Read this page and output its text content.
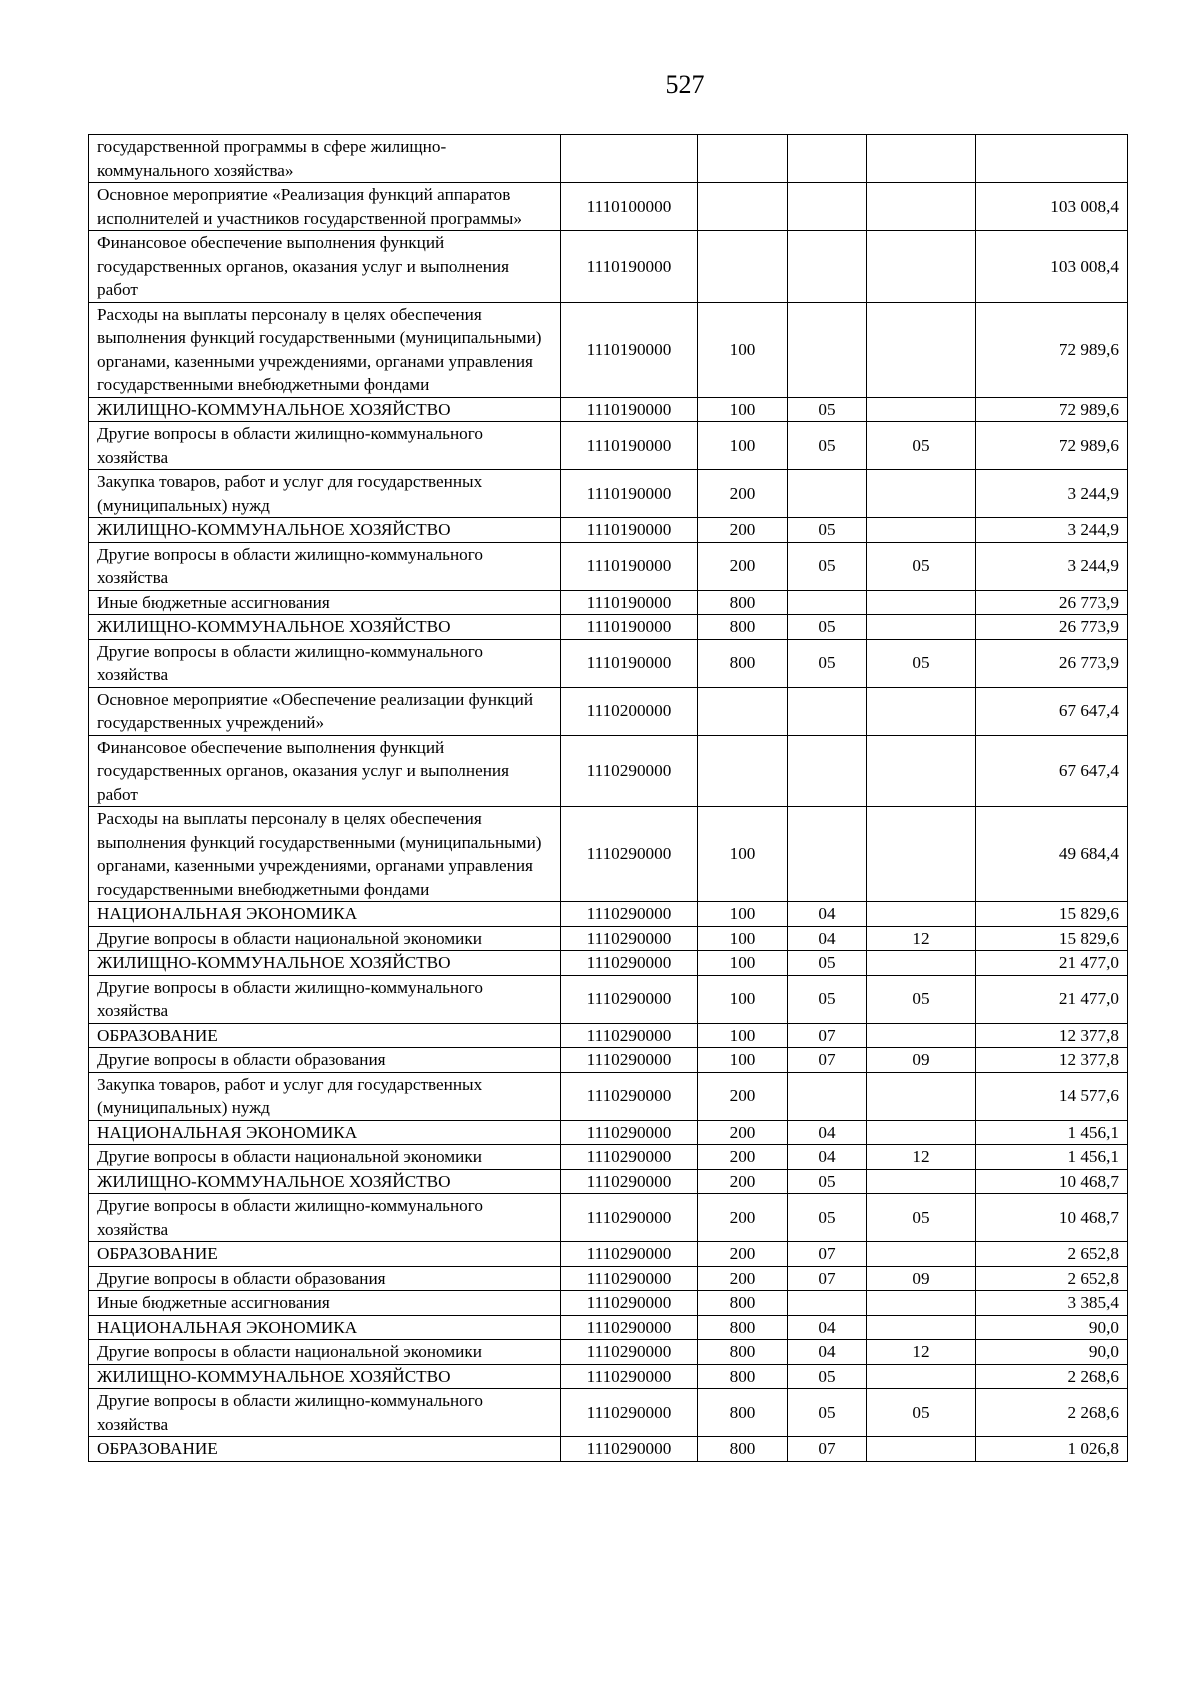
527
государственной программы в сфере жилищно-коммунального хозяйства»					
Основное мероприятие «Реализация функций аппаратов исполнителей и участников государственной программы»	1110100000				103 008,4
Финансовое обеспечение выполнения функций государственных органов, оказания услуг и выполнения работ	1110190000				103 008,4
Расходы на выплаты персоналу в целях обеспечения выполнения функций государственными (муниципальными) органами, казенными учреждениями, органами управления государственными внебюджетными фондами	1110190000	100			72 989,6
ЖИЛИЩНО-КОММУНАЛЬНОЕ ХОЗЯЙСТВО	1110190000	100	05		72 989,6
Другие вопросы в области жилищно-коммунального хозяйства	1110190000	100	05	05	72 989,6
Закупка товаров, работ и услуг для государственных (муниципальных) нужд	1110190000	200			3 244,9
ЖИЛИЩНО-КОММУНАЛЬНОЕ ХОЗЯЙСТВО	1110190000	200	05		3 244,9
Другие вопросы в области жилищно-коммунального хозяйства	1110190000	200	05	05	3 244,9
Иные бюджетные ассигнования	1110190000	800			26 773,9
ЖИЛИЩНО-КОММУНАЛЬНОЕ ХОЗЯЙСТВО	1110190000	800	05		26 773,9
Другие вопросы в области жилищно-коммунального хозяйства	1110190000	800	05	05	26 773,9
Основное мероприятие «Обеспечение реализации функций государственных учреждений»	1110200000				67 647,4
Финансовое обеспечение выполнения функций государственных органов, оказания услуг и выполнения работ	1110290000				67 647,4
Расходы на выплаты персоналу в целях обеспечения выполнения функций государственными (муниципальными) органами, казенными учреждениями, органами управления государственными внебюджетными фондами	1110290000	100			49 684,4
НАЦИОНАЛЬНАЯ ЭКОНОМИКА	1110290000	100	04		15 829,6
Другие вопросы в области национальной экономики	1110290000	100	04	12	15 829,6
ЖИЛИЩНО-КОММУНАЛЬНОЕ ХОЗЯЙСТВО	1110290000	100	05		21 477,0
Другие вопросы в области жилищно-коммунального хозяйства	1110290000	100	05	05	21 477,0
ОБРАЗОВАНИЕ	1110290000	100	07		12 377,8
Другие вопросы в области образования	1110290000	100	07	09	12 377,8
Закупка товаров, работ и услуг для государственных (муниципальных) нужд	1110290000	200			14 577,6
НАЦИОНАЛЬНАЯ ЭКОНОМИКА	1110290000	200	04		1 456,1
Другие вопросы в области национальной экономики	1110290000	200	04	12	1 456,1
ЖИЛИЩНО-КОММУНАЛЬНОЕ ХОЗЯЙСТВО	1110290000	200	05		10 468,7
Другие вопросы в области жилищно-коммунального хозяйства	1110290000	200	05	05	10 468,7
ОБРАЗОВАНИЕ	1110290000	200	07		2 652,8
Другие вопросы в области образования	1110290000	200	07	09	2 652,8
Иные бюджетные ассигнования	1110290000	800			3 385,4
НАЦИОНАЛЬНАЯ ЭКОНОМИКА	1110290000	800	04		90,0
Другие вопросы в области национальной экономики	1110290000	800	04	12	90,0
ЖИЛИЩНО-КОММУНАЛЬНОЕ ХОЗЯЙСТВО	1110290000	800	05		2 268,6
Другие вопросы в области жилищно-коммунального хозяйства	1110290000	800	05	05	2 268,6
ОБРАЗОВАНИЕ	1110290000	800	07		1 026,8
